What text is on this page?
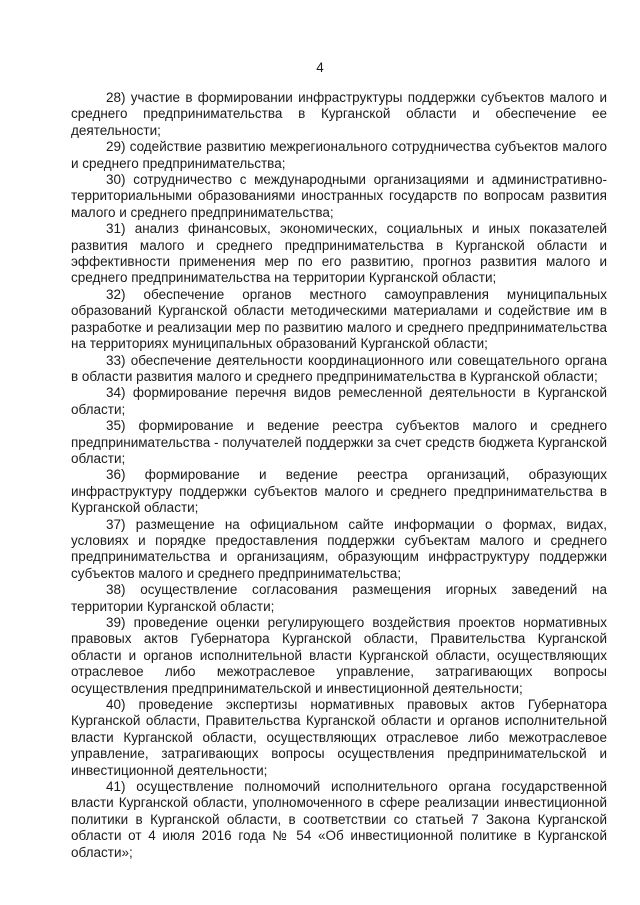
4

28) участие в формировании инфраструктуры поддержки субъектов малого и среднего предпринимательства в Курганской области и обеспечение ее деятельности;

29) содействие развитию межрегионального сотрудничества субъектов малого и среднего предпринимательства;

30) сотрудничество с международными организациями и административно-территориальными образованиями иностранных государств по вопросам развития малого и среднего предпринимательства;

31) анализ финансовых, экономических, социальных и иных показателей развития малого и среднего предпринимательства в Курганской области и эффективности применения мер по его развитию, прогноз развития малого и среднего предпринимательства на территории Курганской области;

32) обеспечение органов местного самоуправления муниципальных образований Курганской области методическими материалами и содействие им в разработке и реализации мер по развитию малого и среднего предпринимательства на территориях муниципальных образований Курганской области;

33) обеспечение деятельности координационного или совещательного органа в области развития малого и среднего предпринимательства в Курганской области;

34) формирование перечня видов ремесленной деятельности в Курганской области;

35) формирование и ведение реестра субъектов малого и среднего предпринимательства - получателей поддержки за счет средств бюджета Курганской области;

36) формирование и ведение реестра организаций, образующих инфраструктуру поддержки субъектов малого и среднего предпринимательства в Курганской области;

37) размещение на официальном сайте информации о формах, видах, условиях и порядке предоставления поддержки субъектам малого и среднего предпринимательства и организациям, образующим инфраструктуру поддержки субъектов малого и среднего предпринимательства;

38) осуществление согласования размещения игорных заведений на территории Курганской области;

39) проведение оценки регулирующего воздействия проектов нормативных правовых актов Губернатора Курганской области, Правительства Курганской области и органов исполнительной власти Курганской области, осуществляющих отраслевое либо межотраслевое управление, затрагивающих вопросы осуществления предпринимательской и инвестиционной деятельности;

40) проведение экспертизы нормативных правовых актов Губернатора Курганской области, Правительства Курганской области и органов исполнительной власти Курганской области, осуществляющих отраслевое либо межотраслевое управление, затрагивающих вопросы осуществления предпринимательской и инвестиционной деятельности;

41) осуществление полномочий исполнительного органа государственной власти Курганской области, уполномоченного в сфере реализации инвестиционной политики в Курганской области, в соответствии со статьей 7 Закона Курганской области от 4 июля 2016 года № 54 «Об инвестиционной политике в Курганской области»;
